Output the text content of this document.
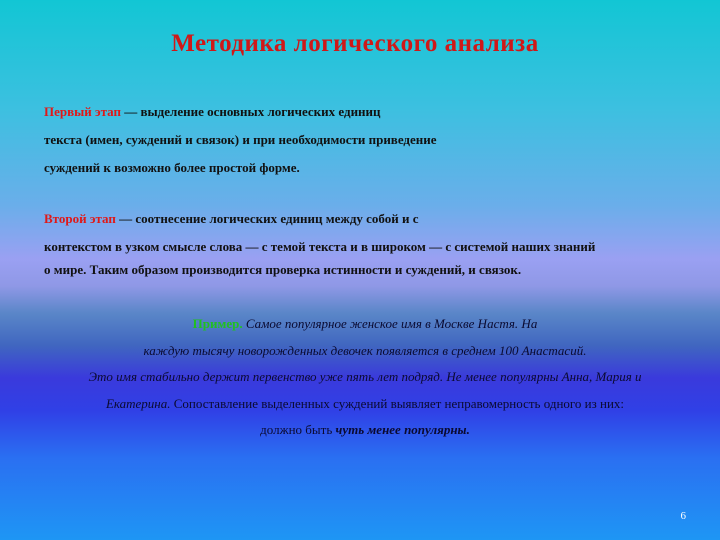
Методика логического анализа
Первый этап — выделение основных логических единиц
текста (имен, суждений и связок) и при необходимости приведение
суждений к возможно более простой форме.
Второй этап — соотнесение логических единиц между собой и с
контекстом в узком смысле слова — с темой текста и в широком — с системой наших знаний
о мире. Таким образом производится проверка истинности и суждений, и связок.
Пример. Самое популярное женское имя в Москве Настя. На
каждую тысячу новорожденных девочек появляется в среднем 100 Анастасий.
Это имя стабильно держит первенство уже пять лет подряд. Не менее популярны Анна, Мария и
Екатерина. Сопоставление выделенных суждений выявляет неправомерность одного из них:
должно быть чуть менее популярны.
6
